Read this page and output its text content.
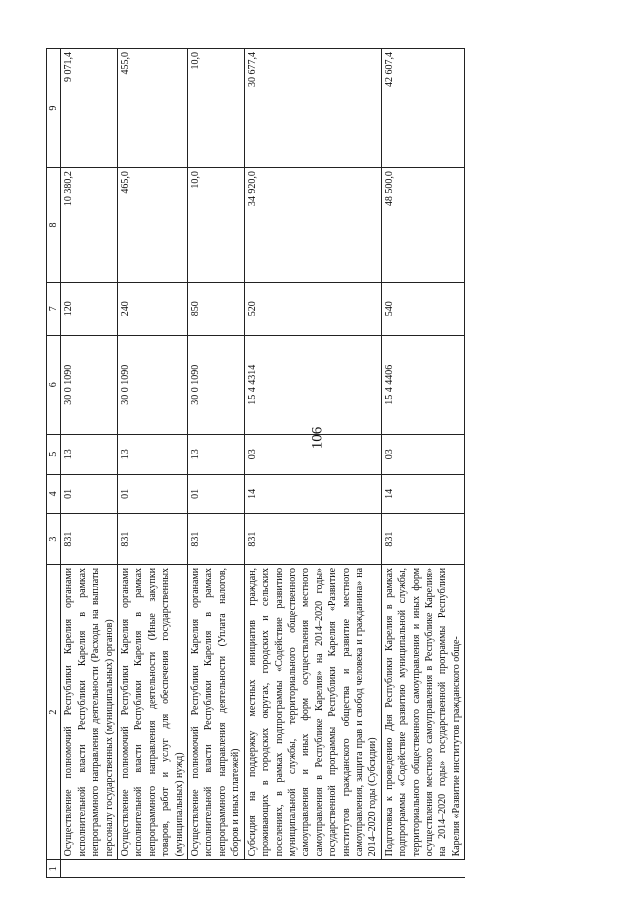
106
1	2	3	4	5	6	7	8	9
	Осуществление полномочий Республики Карелия органами исполнительной власти Республики Карелия в рамках непрограммного направления деятельности (Расходы на выплаты персоналу государственных (муниципальных) органов)	831	01	13	30 0 1090	120	10 380,2	9 071,4
	Осуществление полномочий Республики Карелия органами исполнительной власти Республики Карелия в рамках непрограммного направления деятельности (Иные закупки товаров, работ и услуг для обеспечения государственных (муниципальных) нужд)	831	01	13	30 0 1090	240	465,0	455,0
	Осуществление полномочий Республики Карелия органами исполнительной власти Республики Карелия в рамках непрограммного направления деятельности (Уплата налогов, сборов и иных платежей)	831	01	13	30 0 1090	850	10,0	10,0
	Субсидия на поддержку местных инициатив граждан, проживающих в городских округах, городских и сельских поселениях, в рамках подпрограммы «Содействие развитию муниципальной службы, территориального общественного самоуправления и иных форм осуществления местного самоуправления в Республике Карелия» на 2014–2020 годы» государственной программы Республики Карелия «Развитие институтов гражданского общества и развитие местного самоуправления, защита прав и свобод человека и гражданина» на 2014–2020 годы (Субсидии)	831	14	03	15 4 4314	520	34 920,0	30 677,4
	Подготовка к проведению Дня Республики Карелия в рамках подпрограммы «Содействие развитию муниципальной службы, территориального общественного самоуправления и иных форм осуществления местного самоуправления в Республике Карелия» на 2014–2020 годы» государственной программы Республики Карелия «Развитие институтов гражданского обще-	831	14	03	15 4 4406	540	48 500,0	42 607,4
